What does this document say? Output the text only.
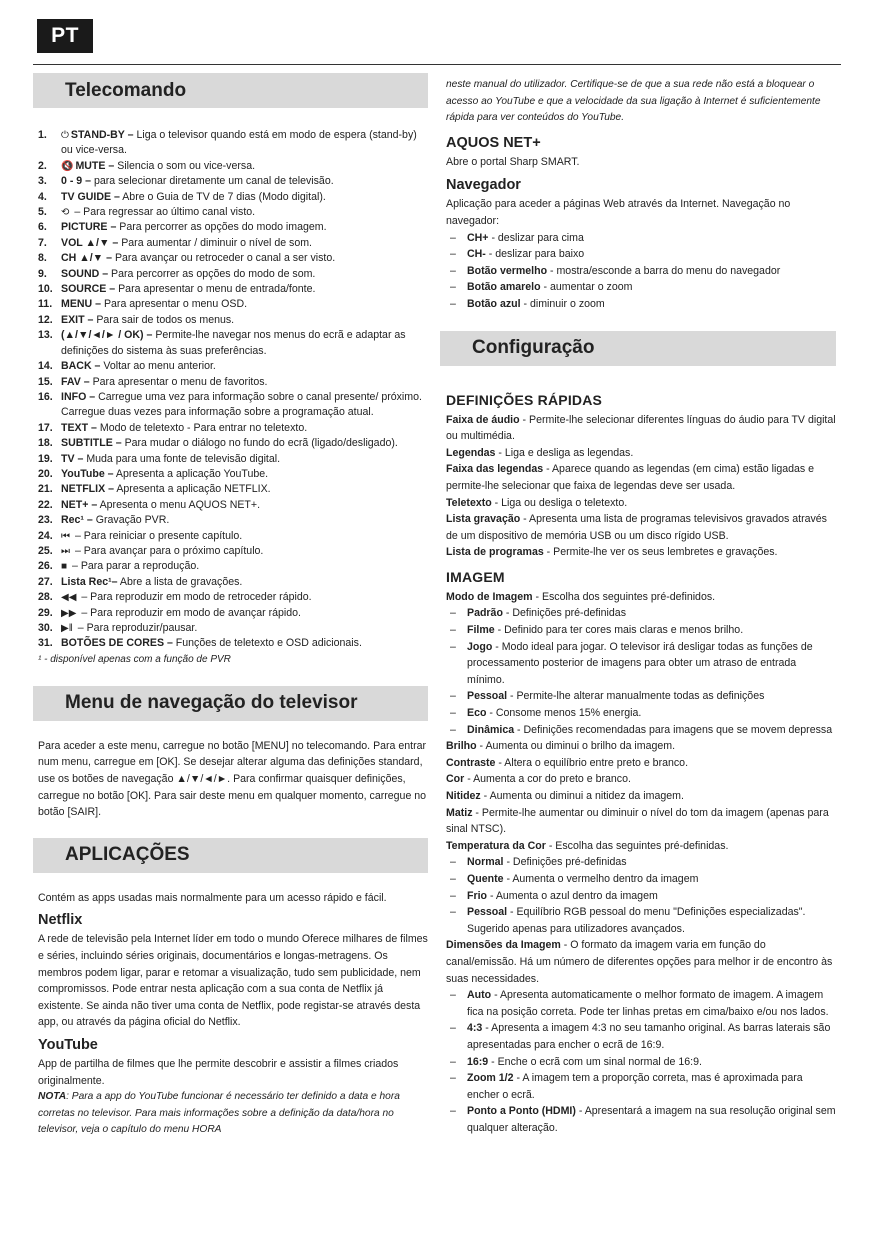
PT
Telecomando
1.	⏻ STAND-BY – Liga o televisor quando está em modo de espera (stand-by) ou vice-versa.
2.	🔇 MUTE – Silencia o som ou vice-versa.
3.	0 - 9 – para selecionar diretamente um canal de televisão.
4.	TV GUIDE – Abre o Guia de TV de 7 dias (Modo digital).
5.	⟲ – Para regressar ao último canal visto.
6.	PICTURE – Para percorrer as opções do modo imagem.
7.	VOL ▲/▼ – Para aumentar / diminuir o nível de som.
8.	CH ▲/▼ – Para avançar ou retroceder o canal a ser visto.
9.	SOUND – Para percorrer as opções do modo de som.
10. SOURCE – Para apresentar o menu de entrada/fonte.
11. MENU – Para apresentar o menu OSD.
12. EXIT – Para sair de todos os menus.
13. (▲/▼/◄/► / OK) – Permite-lhe navegar nos menus do ecrã e adaptar as definições do sistema às suas preferências.
14. BACK – Voltar ao menu anterior.
15. FAV – Para apresentar o menu de favoritos.
16. INFO – Carregue uma vez para informação sobre o canal presente/ próximo. Carregue duas vezes para informação sobre a programação atual.
17. TEXT – Modo de teletexto - Para entrar no teletexto.
18. SUBTITLE – Para mudar o diálogo no fundo do ecrã (ligado/desligado).
19. TV – Muda para uma fonte de televisão digital.
20. YouTube – Apresenta a aplicação YouTube.
21. NETFLIX – Apresenta a aplicação NETFLIX.
22. NET+ – Apresenta o menu AQUOS NET+.
23. Rec¹ – Gravação PVR.
24. ⏮ – Para reiniciar o presente capítulo.
25. ⏭ – Para avançar para o próximo capítulo.
26. ■ – Para parar a reprodução.
27. Lista Rec¹– Abre a lista de gravações.
28. ◀◀ – Para reproduzir em modo de retroceder rápido.
29. ▶▶ – Para reproduzir em modo de avançar rápido.
30. ▶‖ – Para reproduzir/pausar.
31. BOTÕES DE CORES – Funções de teletexto e OSD adicionais.
¹ - disponível apenas com a função de PVR
Menu de navegação do televisor
Para aceder a este menu, carregue no botão [MENU] no telecomando. Para entrar num menu, carregue em [OK]. Se desejar alterar alguma das definições standard, use os botões de navegação ▲/▼/◄/►. Para confirmar quaisquer definições, carregue no botão [OK]. Para sair deste menu em qualquer momento, carregue no botão [SAIR].
APLICAÇÕES
Contém as apps usadas mais normalmente para um acesso rápido e fácil.
Netflix
A rede de televisão pela Internet líder em todo o mundo Oferece milhares de filmes e séries, incluindo séries originais, documentários e longas-metragens. Os membros podem ligar, parar e retomar a visualização, tudo sem publicidade, nem compromissos. Pode entrar nesta aplicação com a sua conta de Netflix já existente. Se ainda não tiver uma conta de Netflix, pode registar-se através desta app, ou através da página oficial do Netflix.
YouTube
App de partilha de filmes que lhe permite descobrir e assistir a filmes criados originalmente.
NOTA: Para a app do YouTube funcionar é necessário ter definido a data e hora corretas no televisor. Para mais informações sobre a definição da data/hora no televisor, veja o capítulo do menu HORA
neste manual do utilizador. Certifique-se de que a sua rede não está a bloquear o acesso ao YouTube e que a velocidade da sua ligação à Internet é suficientemente rápida para ver conteúdos do YouTube.
AQUOS NET+
Abre o portal Sharp SMART.
Navegador
Aplicação para aceder a páginas Web através da Internet. Navegação no navegador:
–	CH+ - deslizar para cima
–	CH- - deslizar para baixo
–	Botão vermelho - mostra/esconde a barra do menu do navegador
–	Botão amarelo - aumentar o zoom
–	Botão azul - diminuir o zoom
Configuração
DEFINIÇÕES RÁPIDAS
Faixa de áudio - Permite-lhe selecionar diferentes línguas do áudio para TV digital ou multimédia.
Legendas - Liga e desliga as legendas.
Faixa das legendas - Aparece quando as legendas (em cima) estão ligadas e permite-lhe selecionar que faixa de legendas deve ser usada.
Teletexto - Liga ou desliga o teletexto.
Lista gravação - Apresenta uma lista de programas televisivos gravados através de um dispositivo de memória USB ou um disco rígido USB.
Lista de programas - Permite-lhe ver os seus lembretes e gravações.
IMAGEM
Modo de Imagem - Escolha dos seguintes pré-definidos.
–	Padrão - Definições pré-definidas
–	Filme - Definido para ter cores mais claras e menos brilho.
–	Jogo - Modo ideal para jogar. O televisor irá desligar todas as funções de processamento posterior de imagens para obter um atraso de entrada mínimo.
–	Pessoal - Permite-lhe alterar manualmente todas as definições
–	Eco - Consome menos 15% energia.
–	Dinâmica - Definições recomendadas para imagens que se movem depressa
Brilho - Aumenta ou diminui o brilho da imagem.
Contraste - Altera o equilíbrio entre preto e branco.
Cor - Aumenta a cor do preto e branco.
Nitidez - Aumenta ou diminui a nitidez da imagem.
Matiz - Permite-lhe aumentar ou diminuir o nível do tom da imagem (apenas para sinal NTSC).
Temperatura da Cor - Escolha das seguintes pré-definidas.
–	Normal - Definições pré-definidas
–	Quente - Aumenta o vermelho dentro da imagem
–	Frio - Aumenta o azul dentro da imagem
–	Pessoal - Equilíbrio RGB pessoal do menu "Definições especializadas". Sugerido apenas para utilizadores avançados.
Dimensões da Imagem - O formato da imagem varia em função do canal/emissão. Há um número de diferentes opções para melhor ir de encontro às suas necessidades.
–	Auto - Apresenta automaticamente o melhor formato de imagem. A imagem fica na posição correta. Pode ter linhas pretas em cima/baixo e/ou nos lados.
–	4:3 - Apresenta a imagem 4:3 no seu tamanho original. As barras laterais são apresentadas para encher o ecrã de 16:9.
–	16:9 - Enche o ecrã com um sinal normal de 16:9.
–	Zoom 1/2 - A imagem tem a proporção correta, mas é aproximada para encher o ecrã.
–	Ponto a Ponto (HDMI) - Apresentará a imagem na sua resolução original sem qualquer alteração.
